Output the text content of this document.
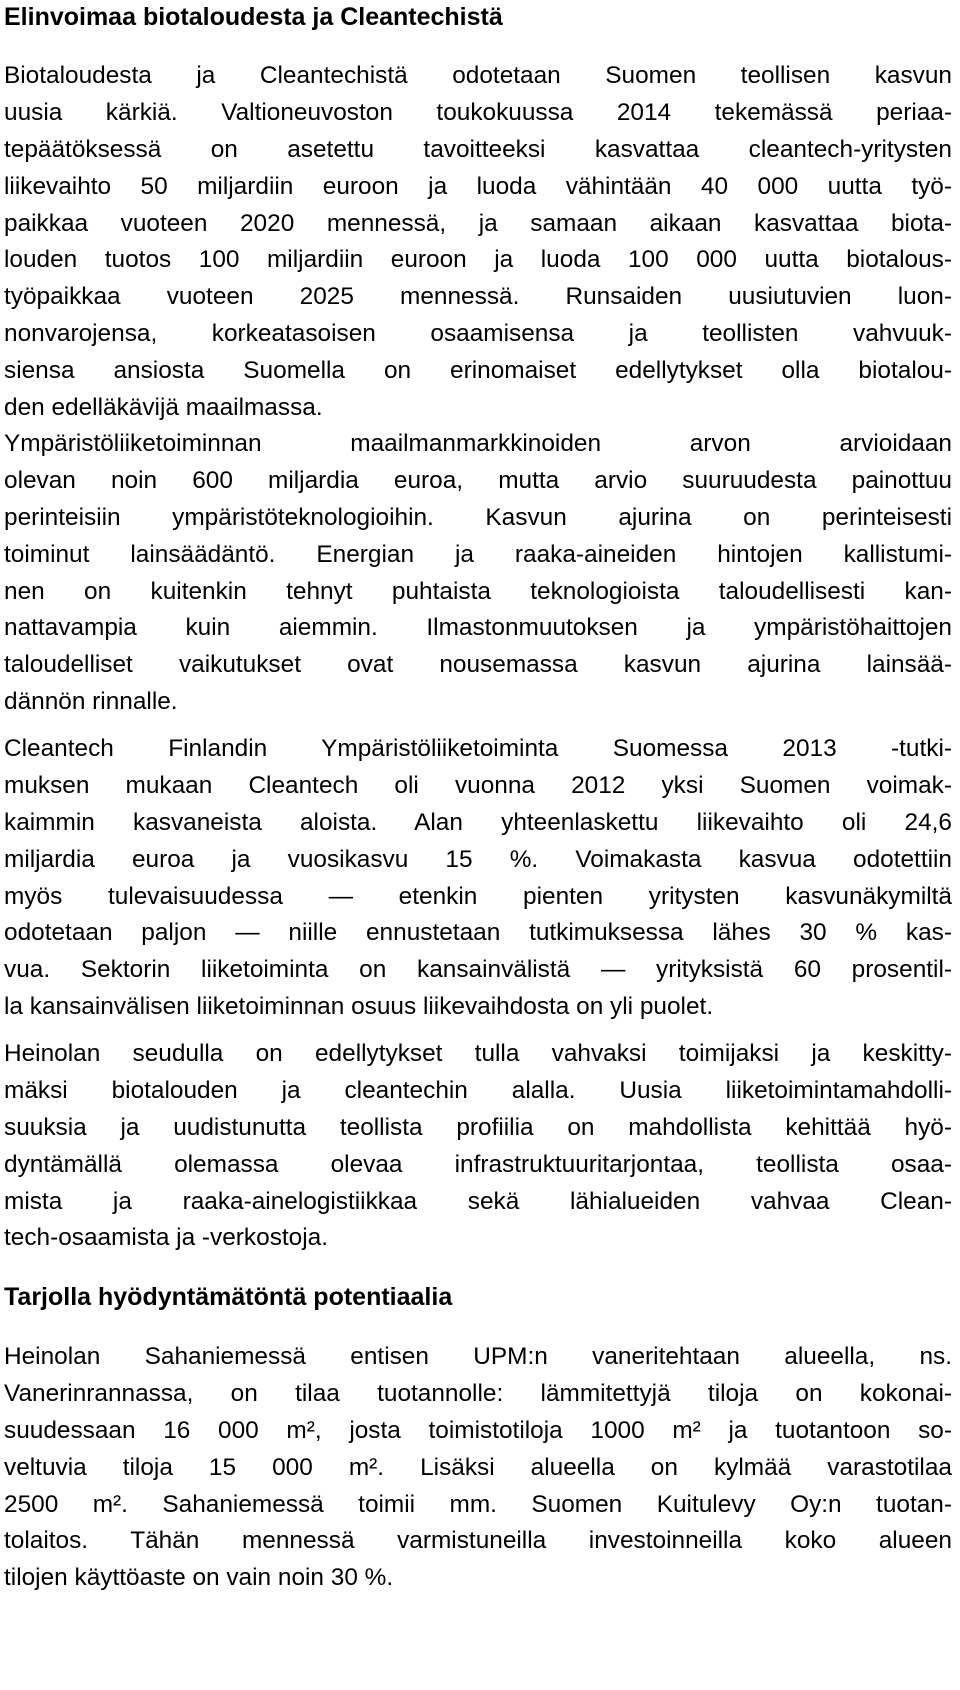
Elinvoimaa biotaloudesta ja Cleantechistä
Biotaloudesta ja Cleantechistä odotetaan Suomen teollisen kasvun
uusia kärkiä. Valtioneuvoston toukokuussa 2014 tekemässä periaa-
tepäätöksessä on asetettu tavoitteeksi kasvattaa cleantech-yritysten
liikevaihto 50 miljardiin euroon ja luoda vähintään 40 000 uutta työ-
paikkaa vuoteen 2020 mennessä, ja samaan aikaan kasvattaa biota-
louden tuotos 100 miljardiin euroon ja luoda 100 000 uutta biotalous-
työpaikkaa vuoteen 2025 mennessä. Runsaiden uusiutuvien luon-
nonvarojensa, korkeatasoisen osaamisensa ja teollisten vahvuuk-
siensa ansiosta Suomella on erinomaiset edellytykset olla biotalou-
den edelläkävijä maailmassa.
Ympäristöliiketoiminnan maailmanmarkkinoiden arvon arvioidaan
olevan noin 600 miljardia euroa, mutta arvio suuruudesta painottuu
perinteisiin ympäristöteknologioihin. Kasvun ajurina on perinteisesti
toiminut lainsäädäntö. Energian ja raaka-aineiden hintojen kallistumi-
nen on kuitenkin tehnyt puhtaista teknologioista taloudellisesti kan-
nattavampia kuin aiemmin. Ilmastonmuutoksen ja ympäristöhaittojen
taloudelliset vaikutukset ovat nousemassa kasvun ajurina lainsää-
dännön rinnalle.
Cleantech Finlandin Ympäristöliiketoiminta Suomessa 2013 -tutki-
muksen mukaan Cleantech oli vuonna 2012 yksi Suomen voimak-
kaimmin kasvaneista aloista. Alan yhteenlaskettu liikevaihto oli 24,6
miljardia euroa ja vuosikasvu 15 %. Voimakasta kasvua odotettiin
myös tulevaisuudessa — etenkin pienten yritysten kasvunäkymiltä
odotetaan paljon — niille ennustetaan tutkimuksessa lähes 30 % kas-
vua. Sektorin liiketoiminta on kansainvälistä — yrityksistä 60 prosentil-
la kansainvälisen liiketoiminnan osuus liikevaihdosta on yli puolet.
Heinolan seudulla on edellytykset tulla vahvaksi toimijaksi ja keskitty-
mäksi biotalouden ja cleantechin alalla. Uusia liiketoimintamahdolli-
suuksia ja uudistunutta teollista profiilia on mahdollista kehittää hyö-
dyntämällä olemassa olevaa infrastruktuuritarjontaa, teollista osaa-
mista ja raaka-ainelogistiikkaa sekä lähialueiden vahvaa Clean-
tech-osaamista ja -verkostoja.
Tarjolla hyödyntämätöntä potentiaalia
Heinolan Sahaniemessä entisen UPM:n vaneritehtaan alueella, ns.
Vanerinrannassa, on tilaa tuotannolle: lämmitettyjä tiloja on kokonai-
suudessaan 16 000 m², josta toimistotiloja 1000 m² ja tuotantoon so-
veltuvia tiloja 15 000 m². Lisäksi alueella on kylmää varastotilaa
2500 m². Sahaniemessä toimii mm. Suomen Kuitulevy Oy:n tuotan-
tolaitos. Tähän mennessä varmistuneilla investoinneilla koko alueen
tilojen käyttöaste on vain noin 30 %.
